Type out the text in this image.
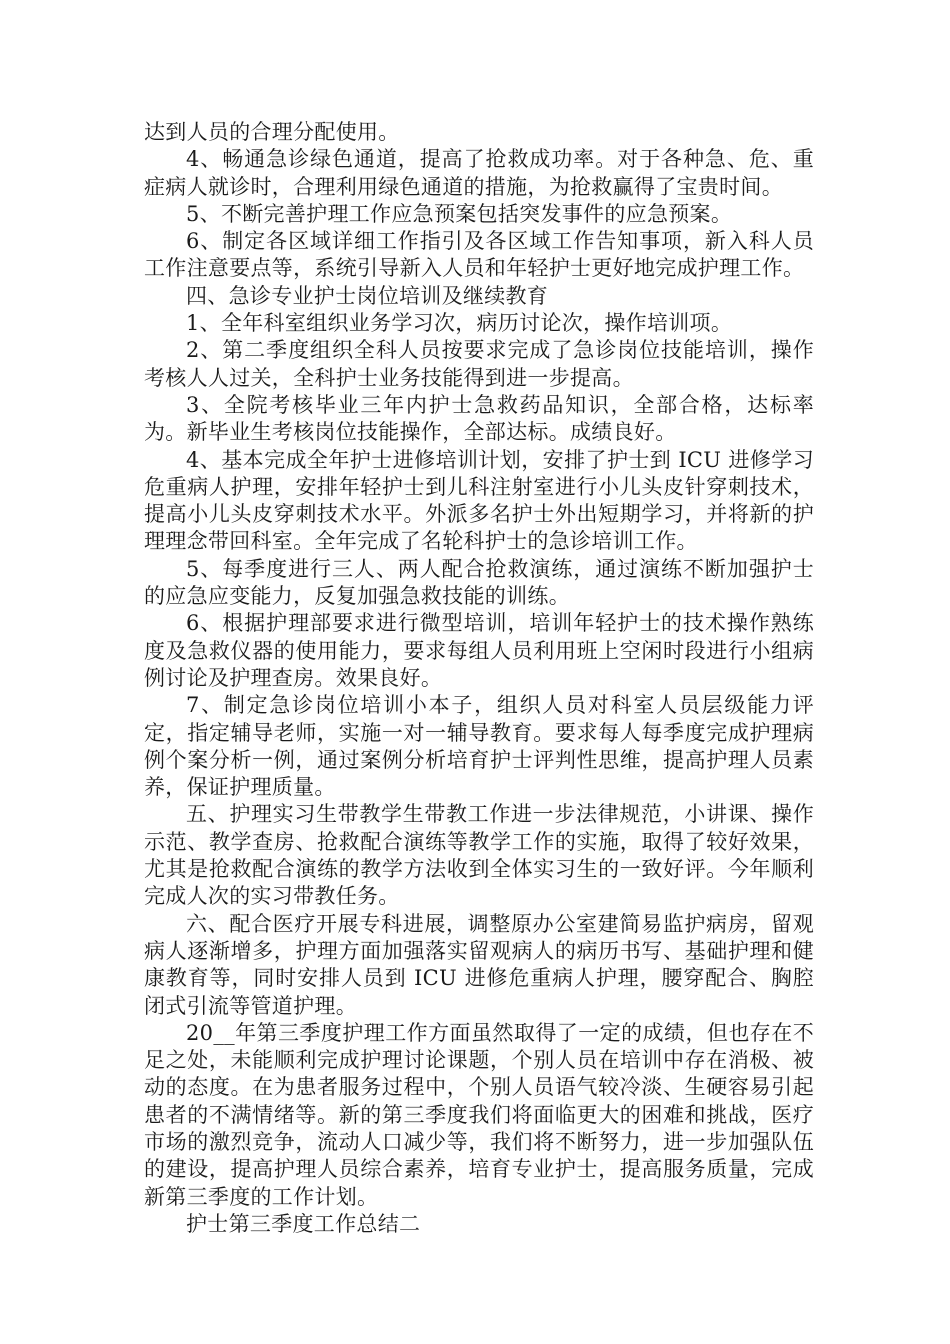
达到人员的合理分配使用。

4、畅通急诊绿色通道，提高了抢救成功率。对于各种急、危、重症病人就诊时，合理利用绿色通道的措施，为抢救赢得了宝贵时间。

5、不断完善护理工作应急预案包括突发事件的应急预案。

6、制定各区域详细工作指引及各区域工作告知事项，新入科人员工作注意要点等，系统引导新入人员和年轻护士更好地完成护理工作。

四、急诊专业护士岗位培训及继续教育

1、全年科室组织业务学习次，病历讨论次，操作培训项。

2、第二季度组织全科人员按要求完成了急诊岗位技能培训，操作考核人人过关，全科护士业务技能得到进一步提高。

3、全院考核毕业三年内护士急救药品知识，全部合格，达标率为。新毕业生考核岗位技能操作，全部达标。成绩良好。

4、基本完成全年护士进修培训计划，安排了护士到 ICU 进修学习危重病人护理，安排年轻护士到儿科注射室进行小儿头皮针穿刺技术，提高小儿头皮穿刺技术水平。外派多名护士外出短期学习，并将新的护理理念带回科室。全年完成了名轮科护士的急诊培训工作。

5、每季度进行三人、两人配合抢救演练，通过演练不断加强护士的应急应变能力，反复加强急救技能的训练。

6、根据护理部要求进行微型培训，培训年轻护士的技术操作熟练度及急救仪器的使用能力，要求每组人员利用班上空闲时段进行小组病例讨论及护理查房。效果良好。

7、制定急诊岗位培训小本子，组织人员对科室人员层级能力评定，指定辅导老师，实施一对一辅导教育。要求每人每季度完成护理病例个案分析一例，通过案例分析培育护士评判性思维，提高护理人员素养，保证护理质量。

五、护理实习生带教学生带教工作进一步法律规范，小讲课、操作示范、教学查房、抢救配合演练等教学工作的实施，取得了较好效果，尤其是抢救配合演练的教学方法收到全体实习生的一致好评。今年顺利完成人次的实习带教任务。

六、配合医疗开展专科进展，调整原办公室建简易监护病房，留观病人逐渐增多，护理方面加强落实留观病人的病历书写、基础护理和健康教育等，同时安排人员到 ICU 进修危重病人护理，腰穿配合、胸腔闭式引流等管道护理。

20__年第三季度护理工作方面虽然取得了一定的成绩，但也存在不足之处，未能顺利完成护理讨论课题，个别人员在培训中存在消极、被动的态度。在为患者服务过程中，个别人员语气较冷淡、生硬容易引起患者的不满情绪等。新的第三季度我们将面临更大的困难和挑战，医疗市场的激烈竞争，流动人口减少等，我们将不断努力，进一步加强队伍的建设，提高护理人员综合素养，培育专业护士，提高服务质量，完成新第三季度的工作计划。

护士第三季度工作总结二
